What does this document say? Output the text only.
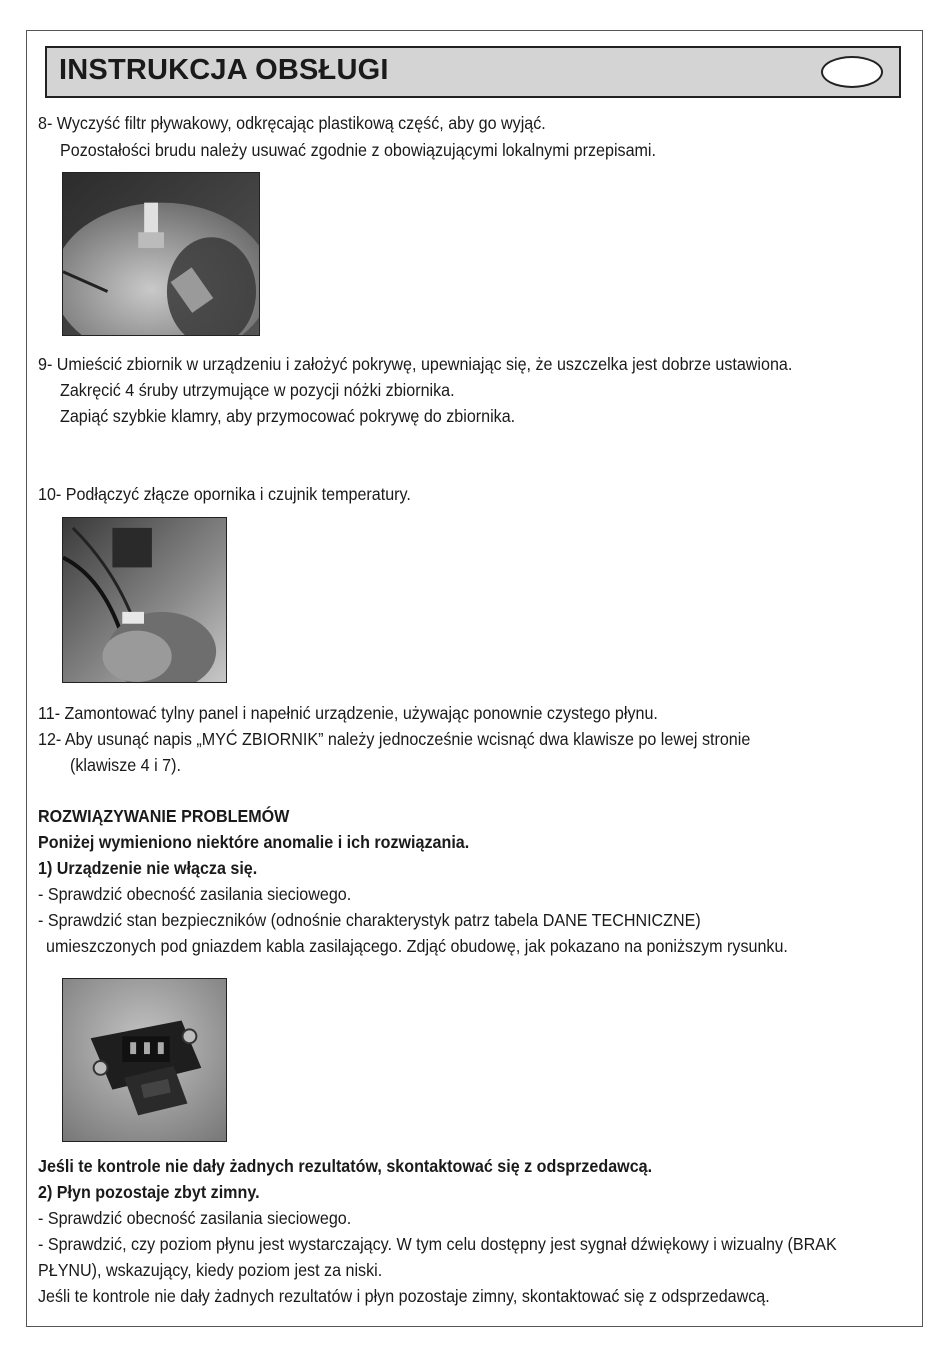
INSTRUKCJA OBSŁUGI
8- Wyczyść filtr pływakowy, odkręcając plastikową część, aby go wyjąć.
Pozostałości brudu należy usuwać zgodnie z obowiązującymi lokalnymi przepisami.
9- Umieścić zbiornik w urządzeniu i założyć pokrywę, upewniając się, że uszczelka jest dobrze ustawiona.
Zakręcić 4 śruby utrzymujące w pozycji nóżki zbiornika.
Zapiąć szybkie klamry, aby przymocować pokrywę do zbiornika.
10- Podłączyć złącze opornika i czujnik temperatury.
11- Zamontować tylny panel i napełnić urządzenie, używając ponownie czystego płynu.
12- Aby usunąć napis „MYĆ ZBIORNIK” należy jednocześnie wcisnąć dwa klawisze po lewej stronie
(klawisze 4 i 7).
ROZWIĄZYWANIE PROBLEMÓW
Poniżej wymieniono niektóre anomalie i ich rozwiązania.
1) Urządzenie nie włącza się.
- Sprawdzić obecność zasilania sieciowego.
- Sprawdzić stan bezpieczników (odnośnie charakterystyk patrz tabela DANE TECHNICZNE)
umieszczonych pod gniazdem kabla zasilającego. Zdjąć obudowę, jak pokazano na poniższym rysunku.
Jeśli te kontrole nie dały żadnych rezultatów, skontaktować się z odsprzedawcą.
2) Płyn pozostaje zbyt zimny.
- Sprawdzić obecność zasilania sieciowego.
- Sprawdzić, czy poziom płynu jest wystarczający. W tym celu dostępny jest sygnał dźwiękowy i wizualny (BRAK
PŁYNU), wskazujący, kiedy poziom jest za niski.
Jeśli te kontrole nie dały żadnych rezultatów i płyn pozostaje zimny, skontaktować się z odsprzedawcą.
